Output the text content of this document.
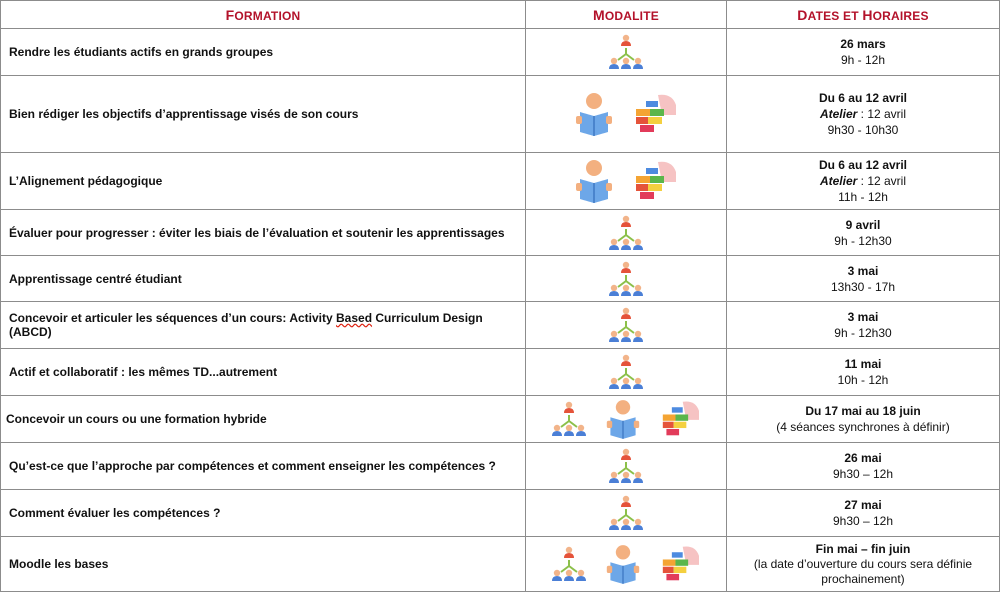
FORMATION	MODALITE	DATES ET HORAIRES
Rendre les étudiants actifs en grands groupes		26 mars
9h - 12h

Bien rédiger les objectifs d’apprentissage visés de son cours		Du 6 au 12 avril
Atelier : 12 avril
9h30 - 10h30

L’Alignement pédagogique		Du 6 au 12 avril
Atelier : 12 avril
11h - 12h

Évaluer pour progresser : éviter les biais de l’évaluation et soutenir les apprentissages		9 avril
9h - 12h30

Apprentissage centré étudiant		3 mai
13h30 - 17h

Concevoir et articuler les séquences d’un cours: Activity Based Curriculum Design (ABCD)		3 mai
9h - 12h30

Actif et collaboratif : les mêmes TD...autrement		11 mai
10h - 12h

Concevoir un cours ou une formation hybride		Du 17 mai au 18 juin
(4 séances synchrones à définir)

Qu’est-ce que l’approche par compétences et comment enseigner les compétences ?		26 mai
9h30 – 12h

Comment évaluer les compétences ?		27 mai
9h30 – 12h

Moodle les bases		Fin mai – fin juin
(la date d’ouverture du cours sera définie
prochainement)
